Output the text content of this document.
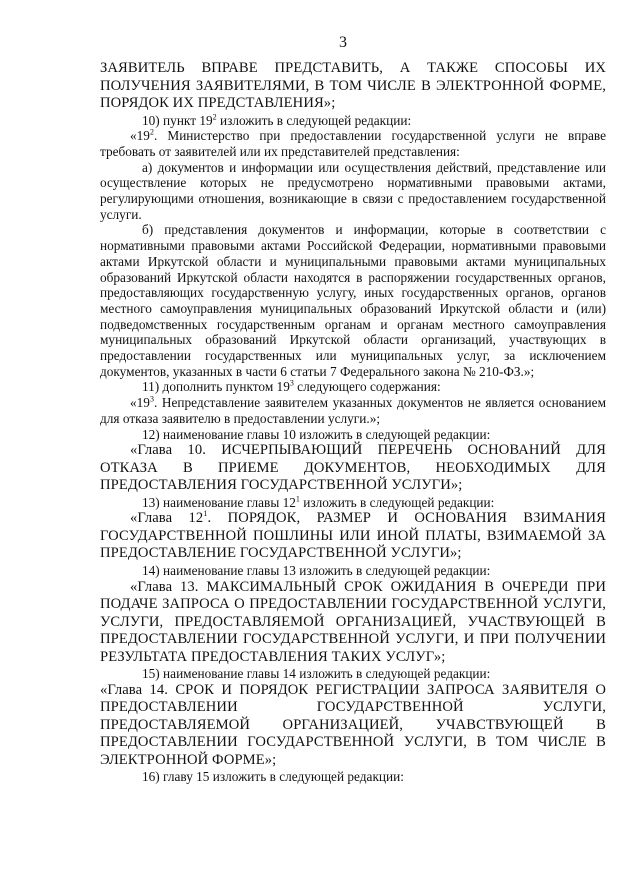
3

ЗАЯВИТЕЛЬ ВПРАВЕ ПРЕДСТАВИТЬ, А ТАКЖЕ СПОСОБЫ ИХ ПОЛУЧЕНИЯ ЗАЯВИТЕЛЯМИ, В ТОМ ЧИСЛЕ В ЭЛЕКТРОННОЙ ФОРМЕ, ПОРЯДОК ИХ ПРЕДСТАВЛЕНИЯ»;

10) пункт $19^2$ изложить в следующей редакции:

«$19^2$. Министерство при предоставлении государственной услуги не вправе требовать от заявителей или их представителей представления:

а) документов и информации или осуществления действий, представление или осуществление которых не предусмотрено нормативными правовыми актами, регулирующими отношения, возникающие в связи с предоставлением государственной услуги.

б) представления документов и информации, которые в соответствии с нормативными правовыми актами Российской Федерации, нормативными правовыми актами Иркутской области и муниципальными правовыми актами муниципальных образований Иркутской области находятся в распоряжении государственных органов, предоставляющих государственную услугу, иных государственных органов, органов местного самоуправления муниципальных образований Иркутской области и (или) подведомственных государственным органам и органам местного самоуправления муниципальных образований Иркутской области организаций, участвующих в предоставлении государственных или муниципальных услуг, за исключением документов, указанных в части 6 статьи 7 Федерального закона № 210-ФЗ.»;

11) дополнить пунктом $19^3$ следующего содержания:

«$19^3$. Непредставление заявителем указанных документов не является основанием для отказа заявителю в предоставлении услуги.»;

12) наименование главы 10 изложить в следующей редакции:

«Глава 10. ИСЧЕРПЫВАЮЩИЙ ПЕРЕЧЕНЬ ОСНОВАНИЙ ДЛЯ ОТКАЗА В ПРИЕМЕ ДОКУМЕНТОВ, НЕОБХОДИМЫХ ДЛЯ ПРЕДОСТАВЛЕНИЯ ГОСУДАРСТВЕННОЙ УСЛУГИ»;

13) наименование главы $12^1$ изложить в следующей редакции:

«Глава $12^1$. ПОРЯДОК, РАЗМЕР И ОСНОВАНИЯ ВЗИМАНИЯ ГОСУДАРСТВЕННОЙ ПОШЛИНЫ ИЛИ ИНОЙ ПЛАТЫ, ВЗИМАЕМОЙ ЗА ПРЕДОСТАВЛЕНИЕ ГОСУДАРСТВЕННОЙ УСЛУГИ»;

14) наименование главы 13 изложить в следующей редакции:

«Глава 13. МАКСИМАЛЬНЫЙ СРОК ОЖИДАНИЯ В ОЧЕРЕДИ ПРИ ПОДАЧЕ ЗАПРОСА О ПРЕДОСТАВЛЕНИИ ГОСУДАРСТВЕННОЙ УСЛУГИ, УСЛУГИ, ПРЕДОСТАВЛЯЕМОЙ ОРГАНИЗАЦИЕЙ, УЧАСТВУЮЩЕЙ В ПРЕДОСТАВЛЕНИИ ГОСУДАРСТВЕННОЙ УСЛУГИ, И ПРИ ПОЛУЧЕНИИ РЕЗУЛЬТАТА ПРЕДОСТАВЛЕНИЯ ТАКИХ УСЛУГ»;

15) наименование главы 14 изложить в следующей редакции:

«Глава 14. СРОК И ПОРЯДОК РЕГИСТРАЦИИ ЗАПРОСА ЗАЯВИТЕЛЯ О ПРЕДОСТАВЛЕНИИ ГОСУДАРСТВЕННОЙ УСЛУГИ, ПРЕДОСТАВЛЯЕМОЙ ОРГАНИЗАЦИЕЙ, УЧАВСТВУЮЩЕЙ В ПРЕДОСТАВЛЕНИИ ГОСУДАРСТВЕННОЙ УСЛУГИ, В ТОМ ЧИСЛЕ В ЭЛЕКТРОННОЙ ФОРМЕ»;

16) главу 15 изложить в следующей редакции:
